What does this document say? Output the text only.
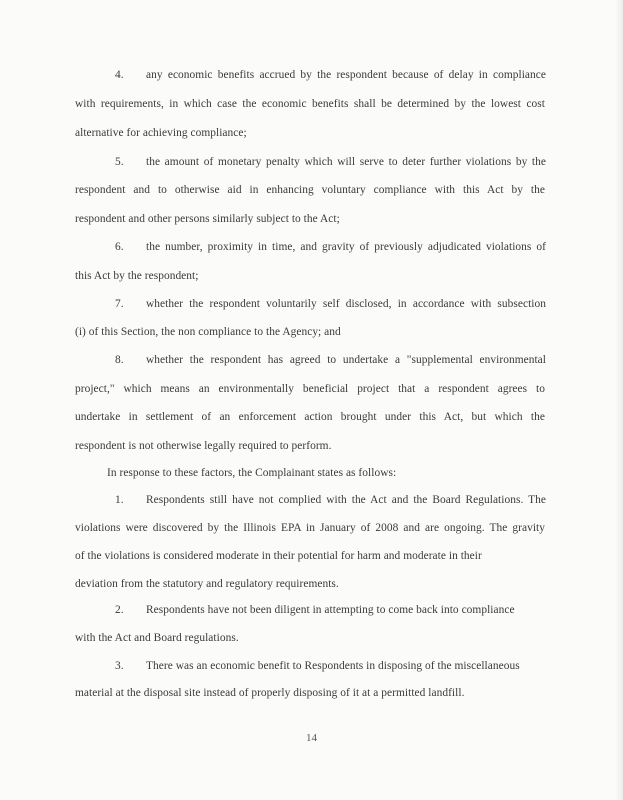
4. any economic benefits accrued by the respondent because of delay in compliance
with requirements, in which case the economic benefits shall be determined by the lowest cost
alternative for achieving compliance;
5. the amount of monetary penalty which will serve to deter further violations by the
respondent and to otherwise aid in enhancing voluntary compliance with this Act by the
respondent and other persons similarly subject to the Act;
6. the number, proximity in time, and gravity of previously adjudicated violations of
this Act by the respondent;
7. whether the respondent voluntarily self disclosed, in accordance with subsection
(i) of this Section, the non compliance to the Agency; and
8. whether the respondent has agreed to undertake a "supplemental environmental
project," which means an environmentally beneficial project that a respondent agrees to
undertake in settlement of an enforcement action brought under this Act, but which the
respondent is not otherwise legally required to perform.
In response to these factors, the Complainant states as follows:
1. Respondents still have not complied with the Act and the Board Regulations. The
violations were discovered by the Illinois EPA in January of 2008 and are ongoing. The gravity
of the violations is considered moderate in their potential for harm and moderate in their
deviation from the statutory and regulatory requirements.
2. Respondents have not been diligent in attempting to come back into compliance
with the Act and Board regulations.
3. There was an economic benefit to Respondents in disposing of the miscellaneous
material at the disposal site instead of properly disposing of it at a permitted landfill.
14
